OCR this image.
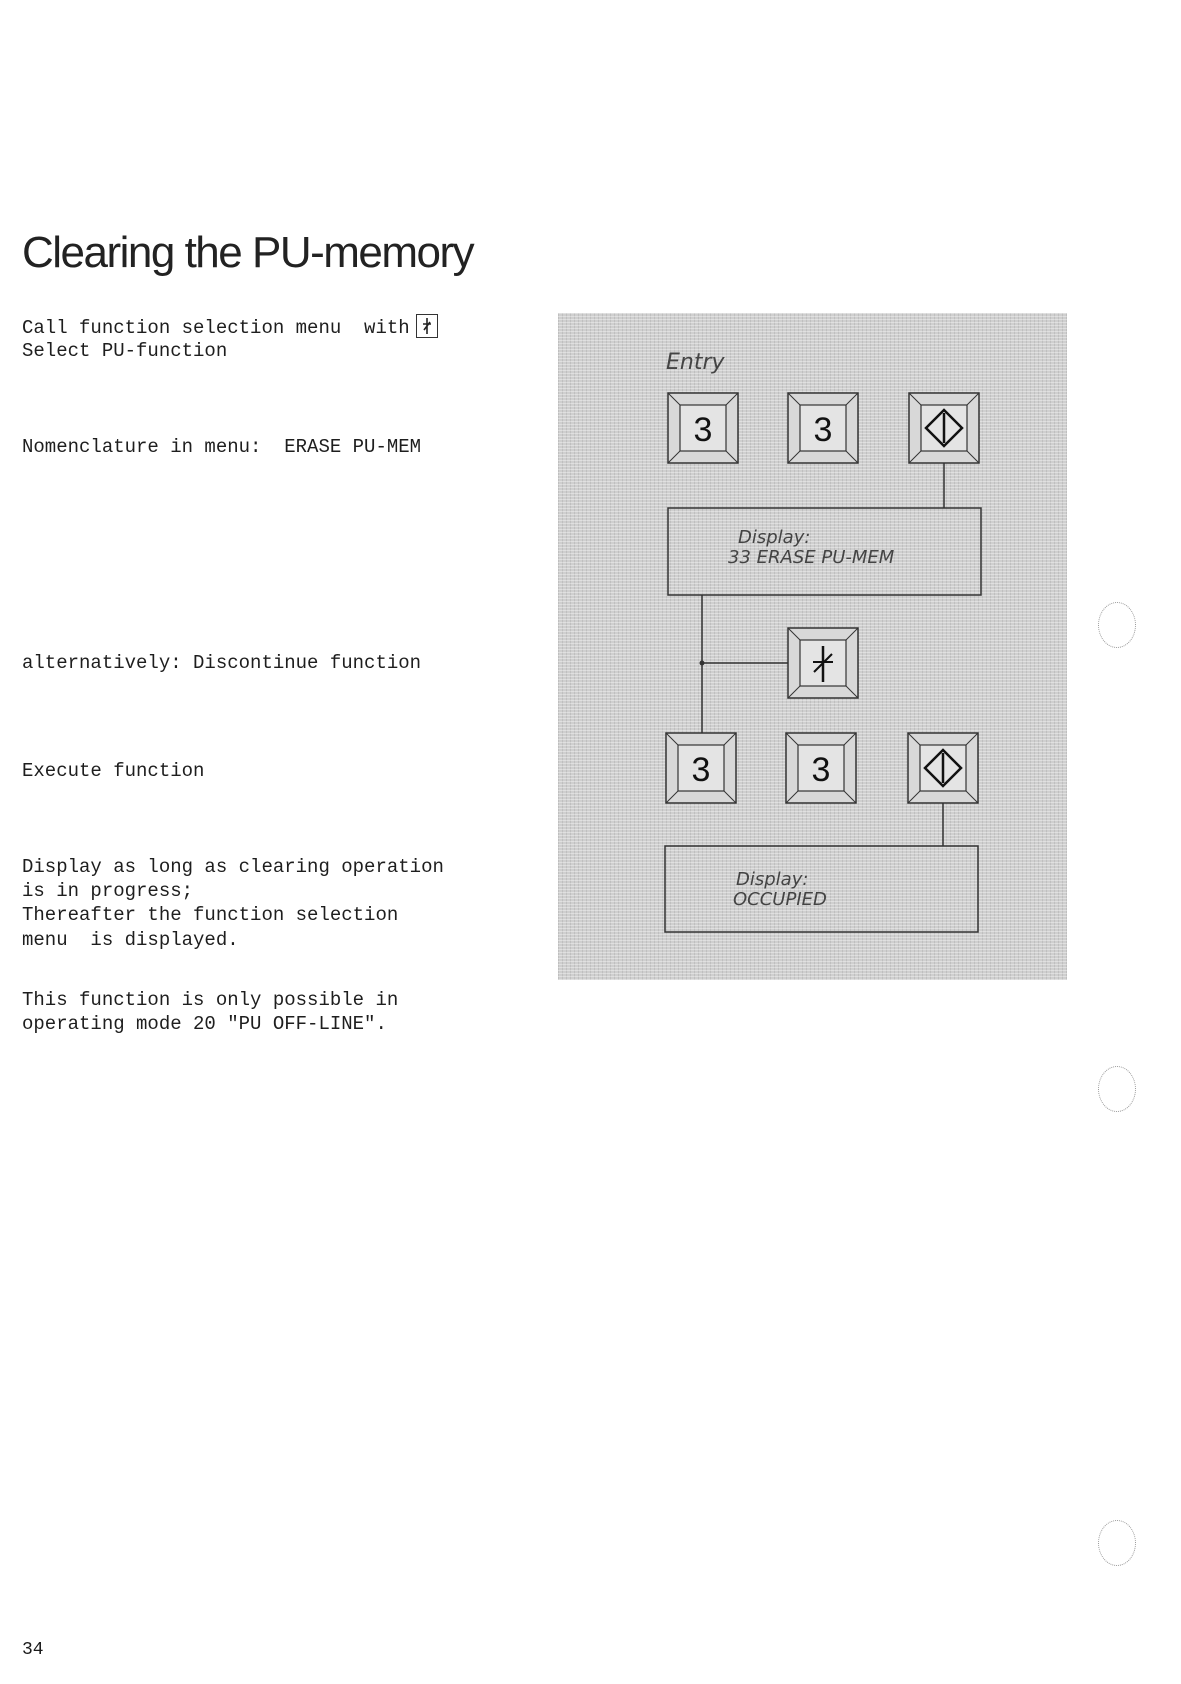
Clearing the PU-memory
Call function selection menu  with
Select PU-function
Nomenclature in menu:  ERASE PU-MEM
alternatively: Discontinue function
Execute function
Display as long as clearing operation
is in progress;
Thereafter the function selection
menu  is displayed.
This function is only possible in
operating mode 20 "PU OFF-LINE".
Entry
3	3
Display:
33 ERASE PU-MEM
3	3
Display:
OCCUPIED
34
